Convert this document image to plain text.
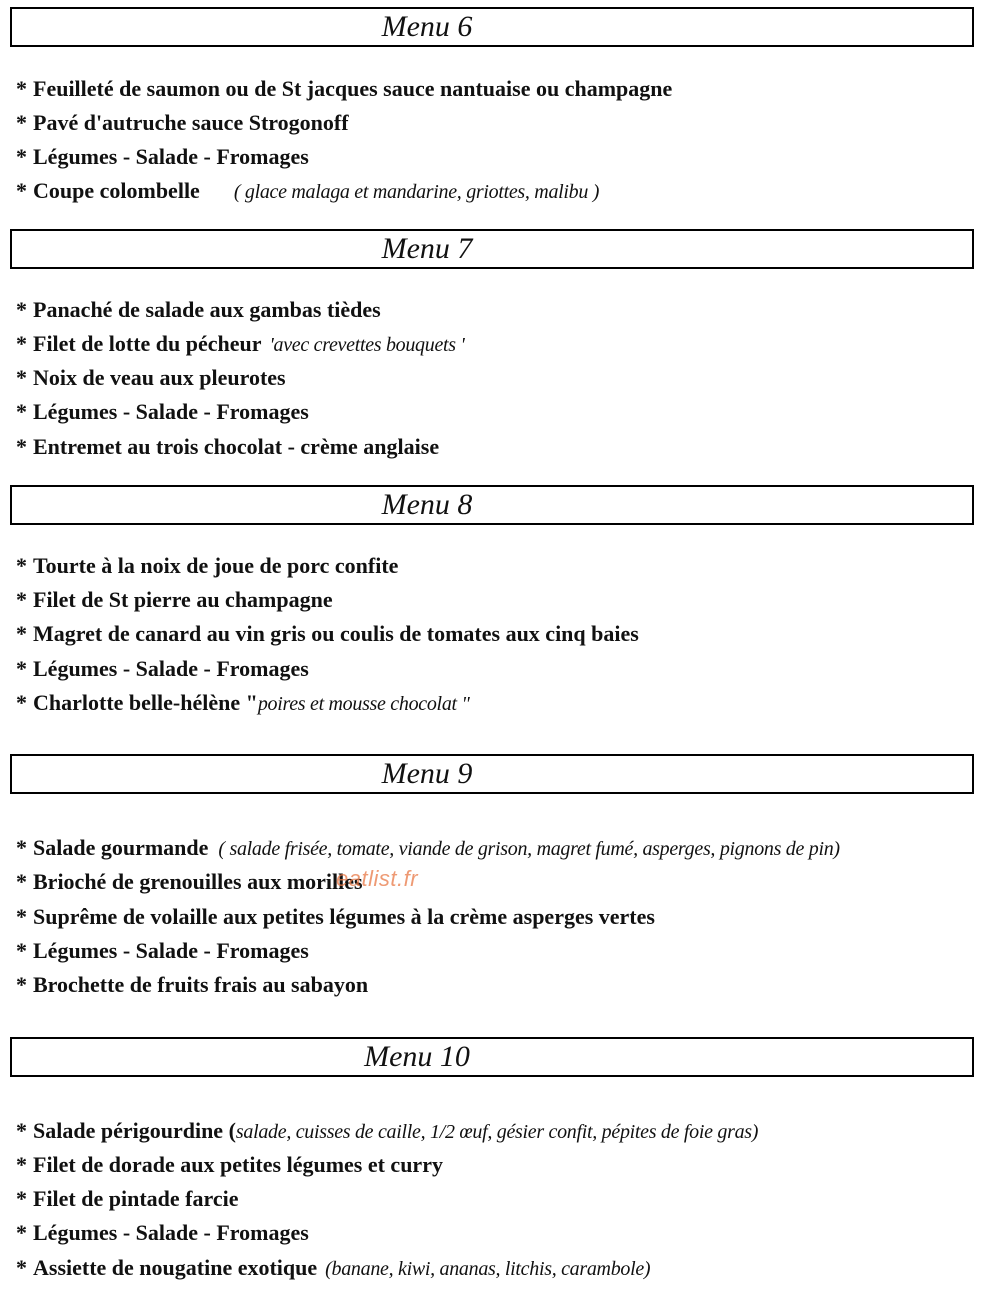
Menu 6
* Feuilleté de saumon ou de St jacques sauce nantuaise ou champagne
* Pavé d'autruche sauce Strogonoff
* Légumes - Salade - Fromages
* Coupe colombelle ( glace malaga et mandarine, griottes, malibu )
Menu 7
* Panaché de salade aux gambas tièdes
* Filet de lotte du pécheur 'avec crevettes bouquets '
* Noix de veau aux pleurotes
* Légumes - Salade - Fromages
* Entremet au trois chocolat - crème anglaise
Menu 8
* Tourte à la noix de joue de porc confite
* Filet de St pierre au champagne
* Magret de canard au vin gris ou coulis de tomates aux cinq baies
* Légumes - Salade - Fromages
* Charlotte belle-hélène "poires et mousse chocolat "
Menu 9
* Salade gourmande ( salade frisée, tomate, viande de grison, magret fumé, asperges, pignons de pin)
* Brioché de grenouilles aux morilles
* Suprême de volaille aux petites légumes à la crème asperges vertes
* Légumes - Salade - Fromages
* Brochette de fruits frais au sabayon
eatlist.fr
Menu 10
* Salade périgourdine (salade, cuisses de caille, 1/2 œuf, gésier confit, pépites de foie gras)
* Filet de dorade aux petites légumes et curry
* Filet de pintade farcie
* Légumes - Salade - Fromages
* Assiette de nougatine exotique (banane, kiwi, ananas, litchis, carambole)
